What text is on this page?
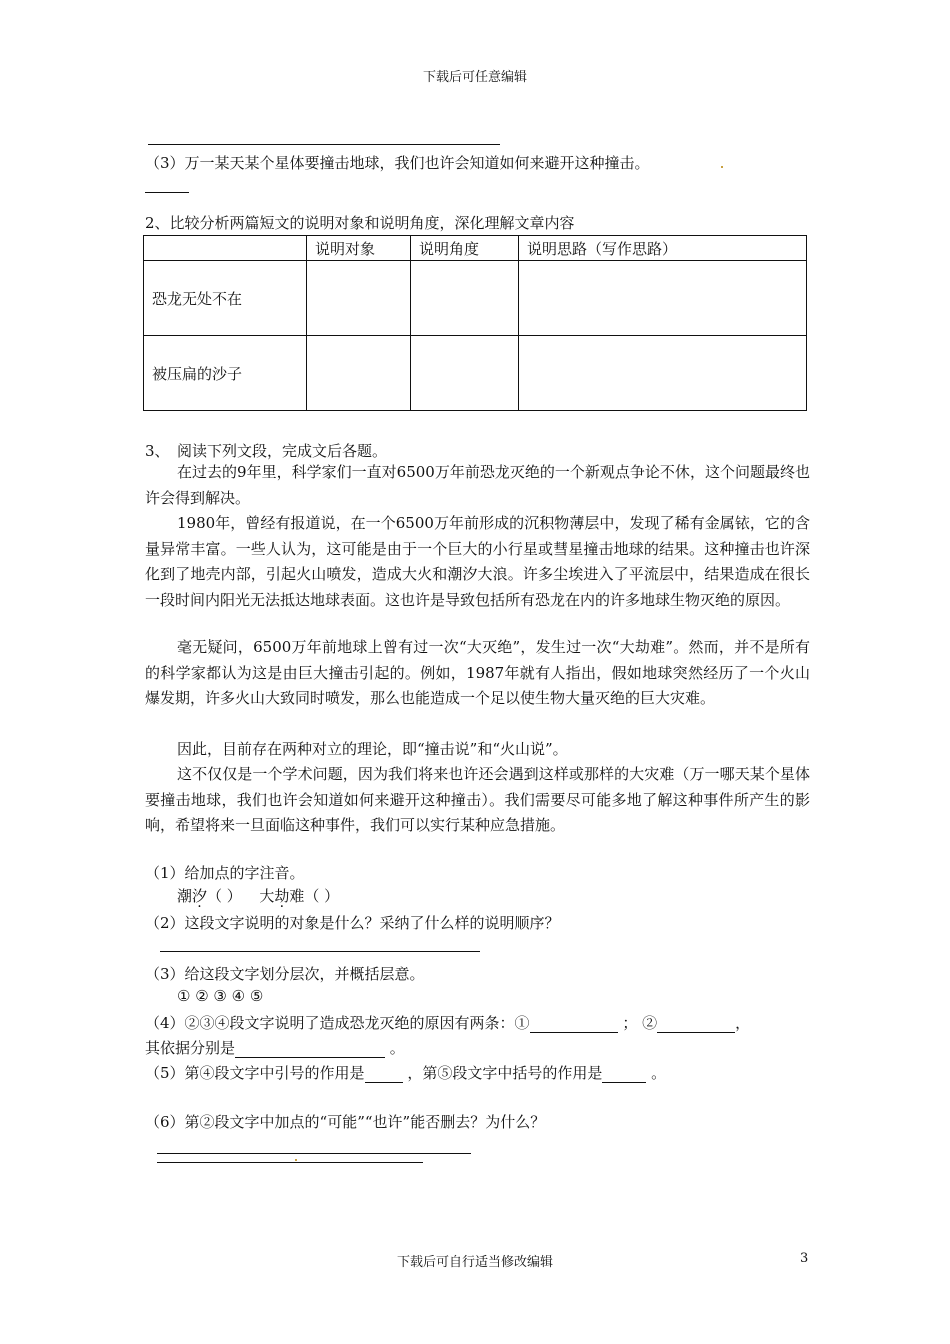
下载后可任意编辑
（3）万一某天某个星体要撞击地球，我们也许会知道如何来避开这种撞击。
2、比较分析两篇短文的说明对象和说明角度，深化理解文章内容
	说明对象	说明角度	说明思路（写作思路）
恐龙无处不在			
被压扁的沙子			
3、　阅读下列文段，完成文后各题。
在过去的9年里，科学家们一直对6500万年前恐龙灭绝的一个新观点争论不休，这个问题最终也许会得到解决。
1980年，曾经有报道说，在一个6500万年前形成的沉积物薄层中，发现了稀有金属铱，它的含量异常丰富。一些人认为，这可能是由于一个巨大的小行星或彗星撞击地球的结果。这种撞击也许深化到了地壳内部，引起火山喷发，造成大火和潮汐大浪。许多尘埃进入了平流层中，结果造成在很长一段时间内阳光无法抵达地球表面。这也许是导致包括所有恐龙在内的许多地球生物灭绝的原因。
毫无疑问，6500万年前地球上曾有过一次“大灭绝”，发生过一次“大劫难”。然而，并不是所有的科学家都认为这是由巨大撞击引起的。例如，1987年就有人指出，假如地球突然经历了一个火山爆发期，许多火山大致同时喷发，那么也能造成一个足以使生物大量灭绝的巨大灾难。
因此，目前存在两种对立的理论，即“撞击说”和“火山说”。
这不仅仅是一个学术问题，因为我们将来也许还会遇到这样或那样的大灾难（万一哪天某个星体要撞击地球，我们也许会知道如何来避开这种撞击）。我们需要尽可能多地了解这种事件所产生的影响，希望将来一旦面临这种事件，我们可以实行某种应急措施。
（1）给加点的字注音。
潮汐（ ） 大劫难（ ）
（2）这段文字说明的对象是什么？采纳了什么样的说明顺序？
（3）给这段文字划分层次，并概括层意。
① ② ③ ④ ⑤
（4）②③④段文字说明了造成恐龙灭绝的原因有两条：①	； ②	，
其依据分别是	。
（5）第④段文字中引号的作用是	，第⑤段文字中括号的作用是	。
（6）第②段文字中加点的“可能”“也许”能否删去？为什么？
下载后可自行适当修改编辑	3
